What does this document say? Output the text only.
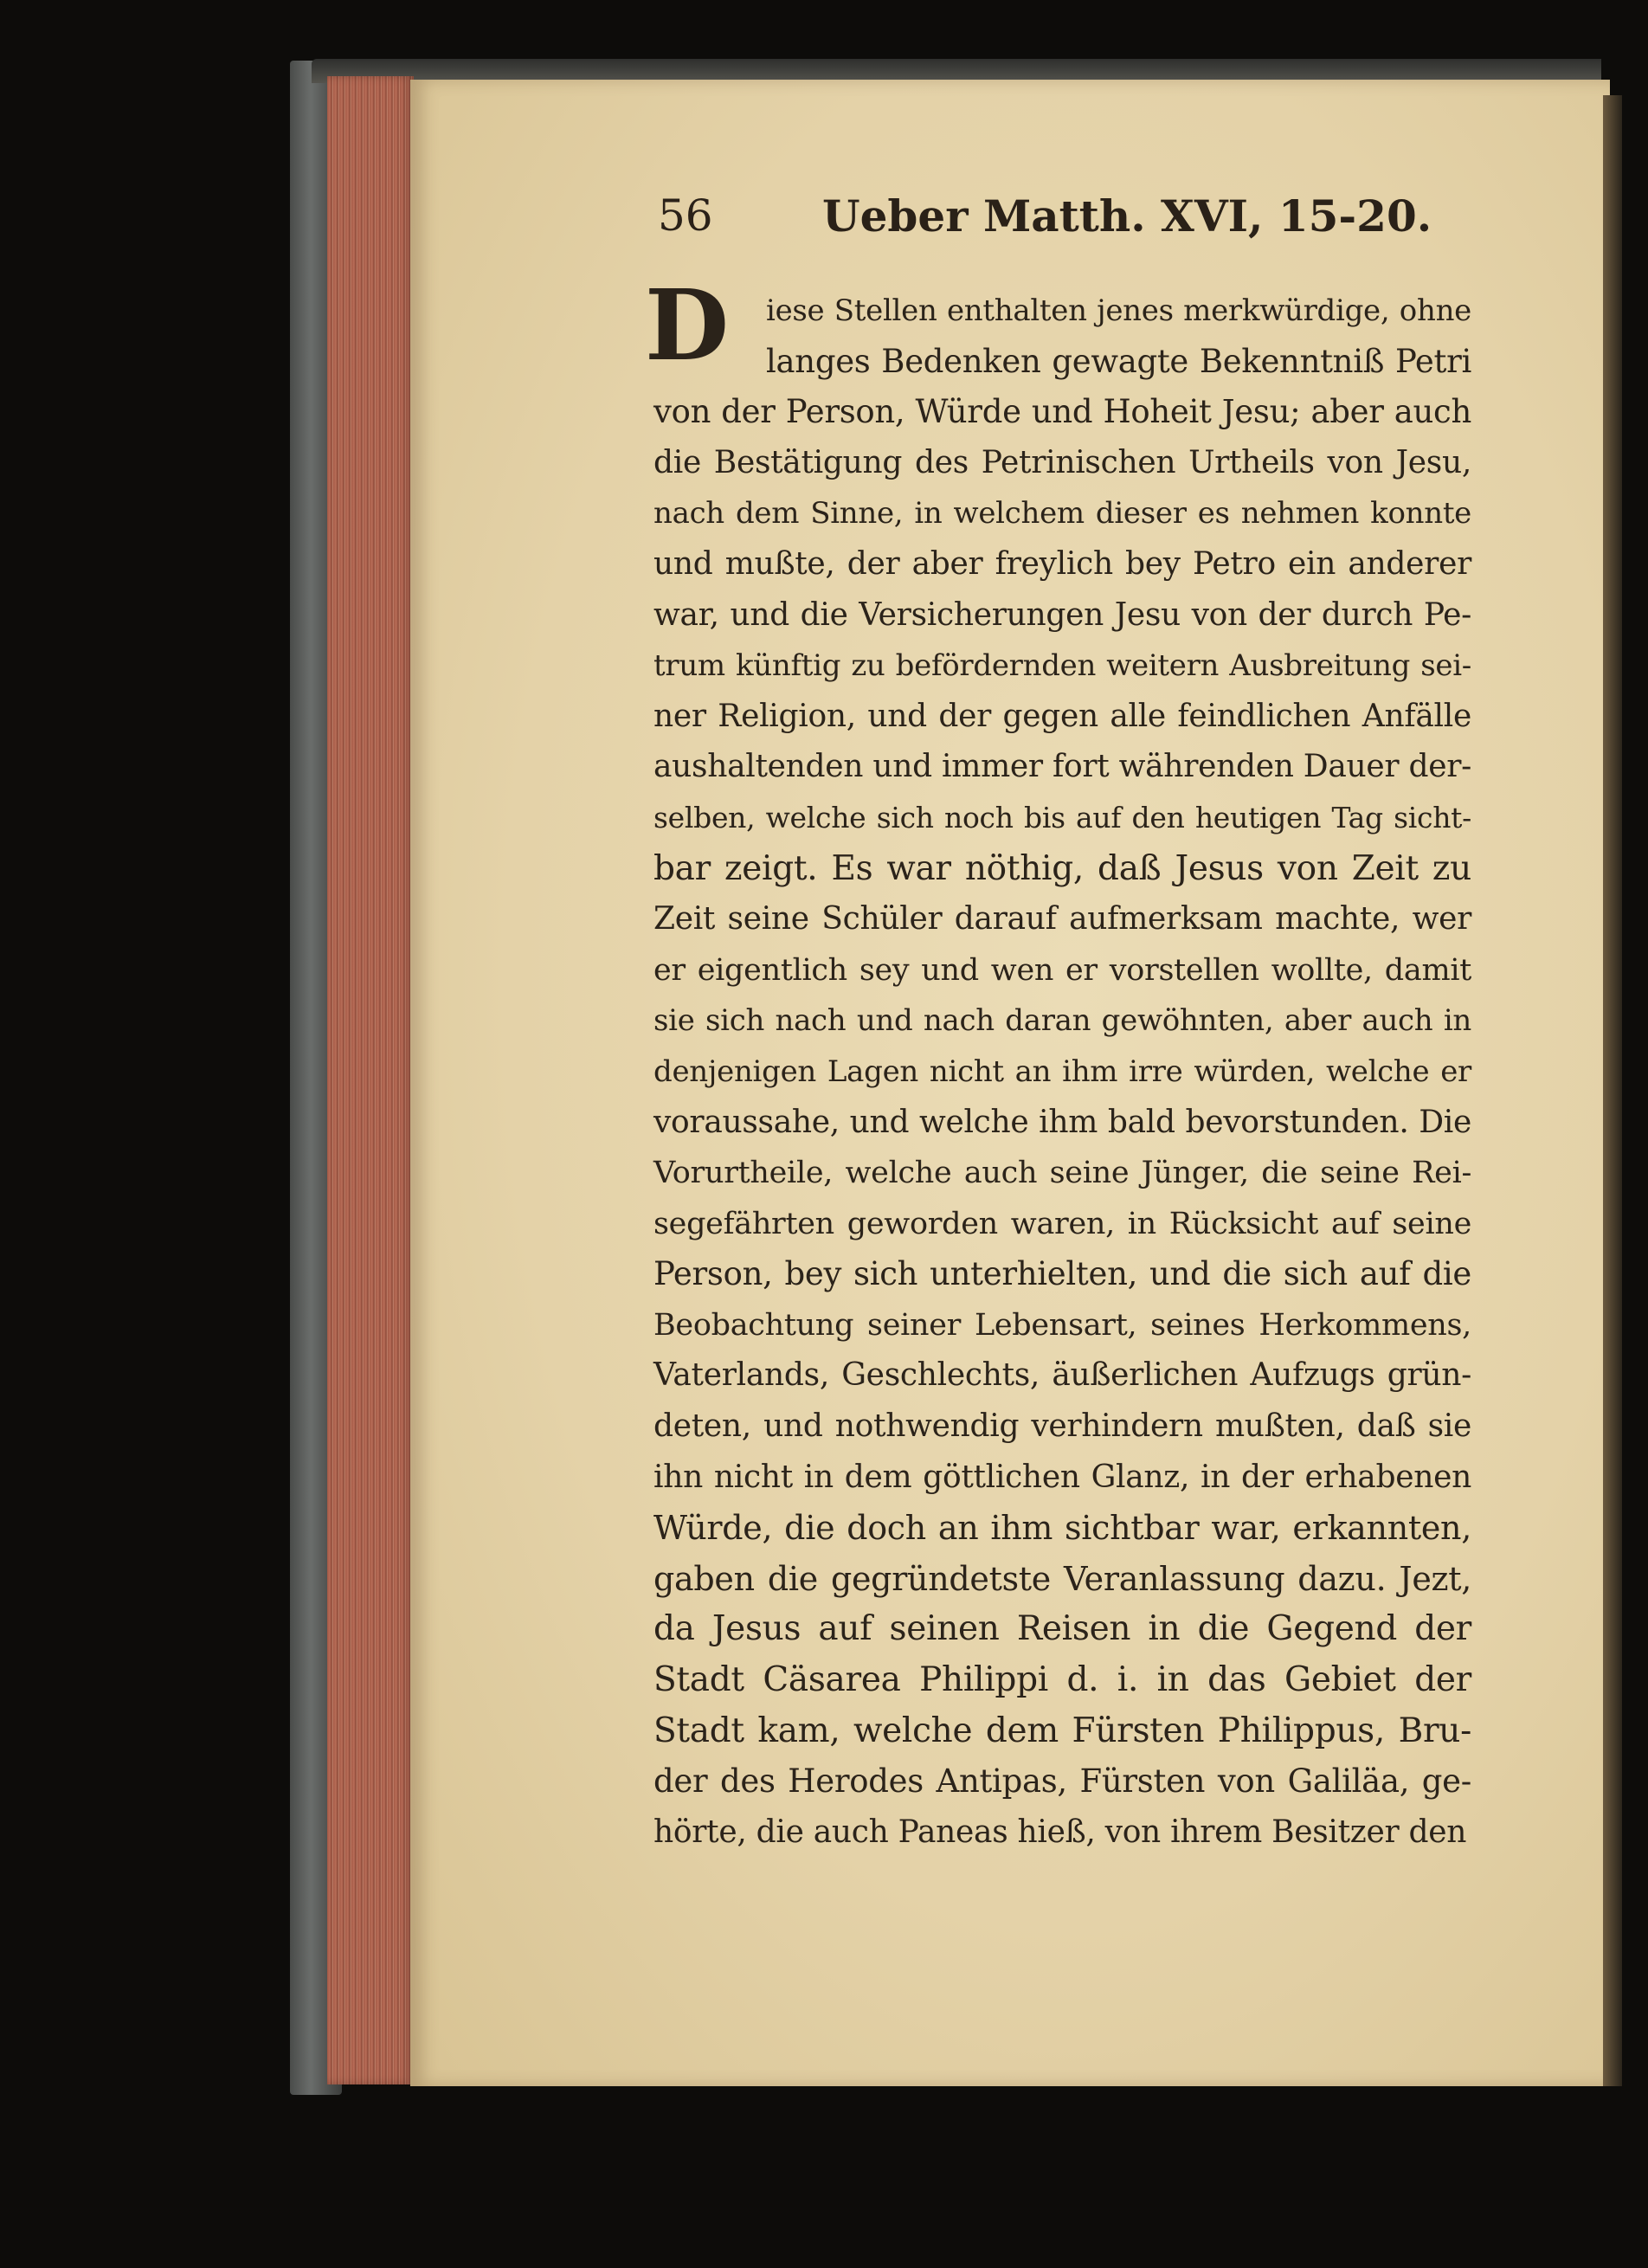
56	Ueber Matth. XVI, 15-20.
D	iese Stellen enthalten jenes merkwürdige, ohne
langes Bedenken gewagte Bekenntniß Petri
von der Person, Würde und Hoheit Jesu; aber auch
die Bestätigung des Petrinischen Urtheils von Jesu,
nach dem Sinne, in welchem dieser es nehmen konnte
und mußte, der aber freylich bey Petro ein anderer
war, und die Versicherungen Jesu von der durch Pe-
trum künftig zu befördernden weitern Ausbreitung sei-
ner Religion, und der gegen alle feindlichen Anfälle
aushaltenden und immer fort währenden Dauer der-
selben, welche sich noch bis auf den heutigen Tag sicht-
bar zeigt. Es war nöthig, daß Jesus von Zeit zu
Zeit seine Schüler darauf aufmerksam machte, wer
er eigentlich sey und wen er vorstellen wollte, damit
sie sich nach und nach daran gewöhnten, aber auch in
denjenigen Lagen nicht an ihm irre würden, welche er
voraussahe, und welche ihm bald bevorstunden. Die
Vorurtheile, welche auch seine Jünger, die seine Rei-
segefährten geworden waren, in Rücksicht auf seine
Person, bey sich unterhielten, und die sich auf die
Beobachtung seiner Lebensart, seines Herkommens,
Vaterlands, Geschlechts, äußerlichen Aufzugs grün-
deten, und nothwendig verhindern mußten, daß sie
ihn nicht in dem göttlichen Glanz, in der erhabenen
Würde, die doch an ihm sichtbar war, erkannten,
gaben die gegründetste Veranlassung dazu. Jezt,
da Jesus auf seinen Reisen in die Gegend der
Stadt Cäsarea Philippi d. i. in das Gebiet der
Stadt kam, welche dem Fürsten Philippus, Bru-
der des Herodes Antipas, Fürsten von Galiläa, ge-
hörte, die auch Paneas hieß, von ihrem Besitzer den
